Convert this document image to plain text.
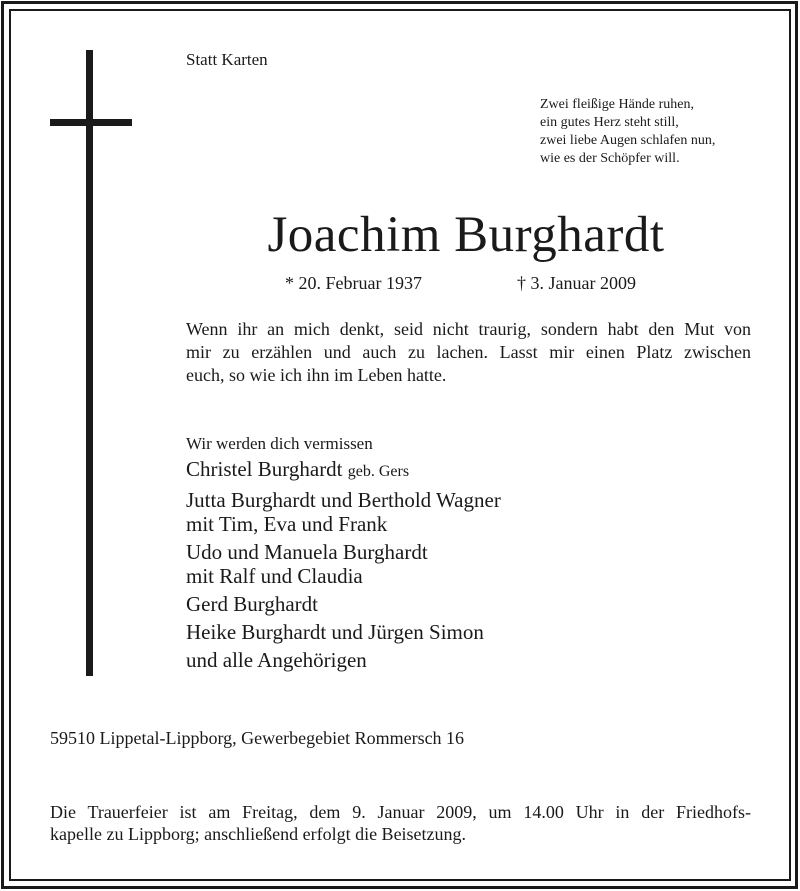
Statt Karten
Zwei fleißige Hände ruhen,
ein gutes Herz steht still,
zwei liebe Augen schlafen nun,
wie es der Schöpfer will.
Joachim Burghardt
* 20. Februar 1937	† 3. Januar 2009
Wenn ihr an mich denkt, seid nicht traurig, sondern habt den Mut von
mir zu erzählen und auch zu lachen. Lasst mir einen Platz zwischen
euch, so wie ich ihn im Leben hatte.
Wir werden dich vermissen
Christel Burghardt geb. Gers
Jutta Burghardt und Berthold Wagner
mit Tim, Eva und Frank
Udo und Manuela Burghardt
mit Ralf und Claudia
Gerd Burghardt
Heike Burghardt und Jürgen Simon
und alle Angehörigen
59510 Lippetal-Lippborg, Gewerbegebiet Rommersch 16
Die Trauerfeier ist am Freitag, dem 9. Januar 2009, um 14.00 Uhr in der Friedhofs-
kapelle zu Lippborg; anschließend erfolgt die Beisetzung.
